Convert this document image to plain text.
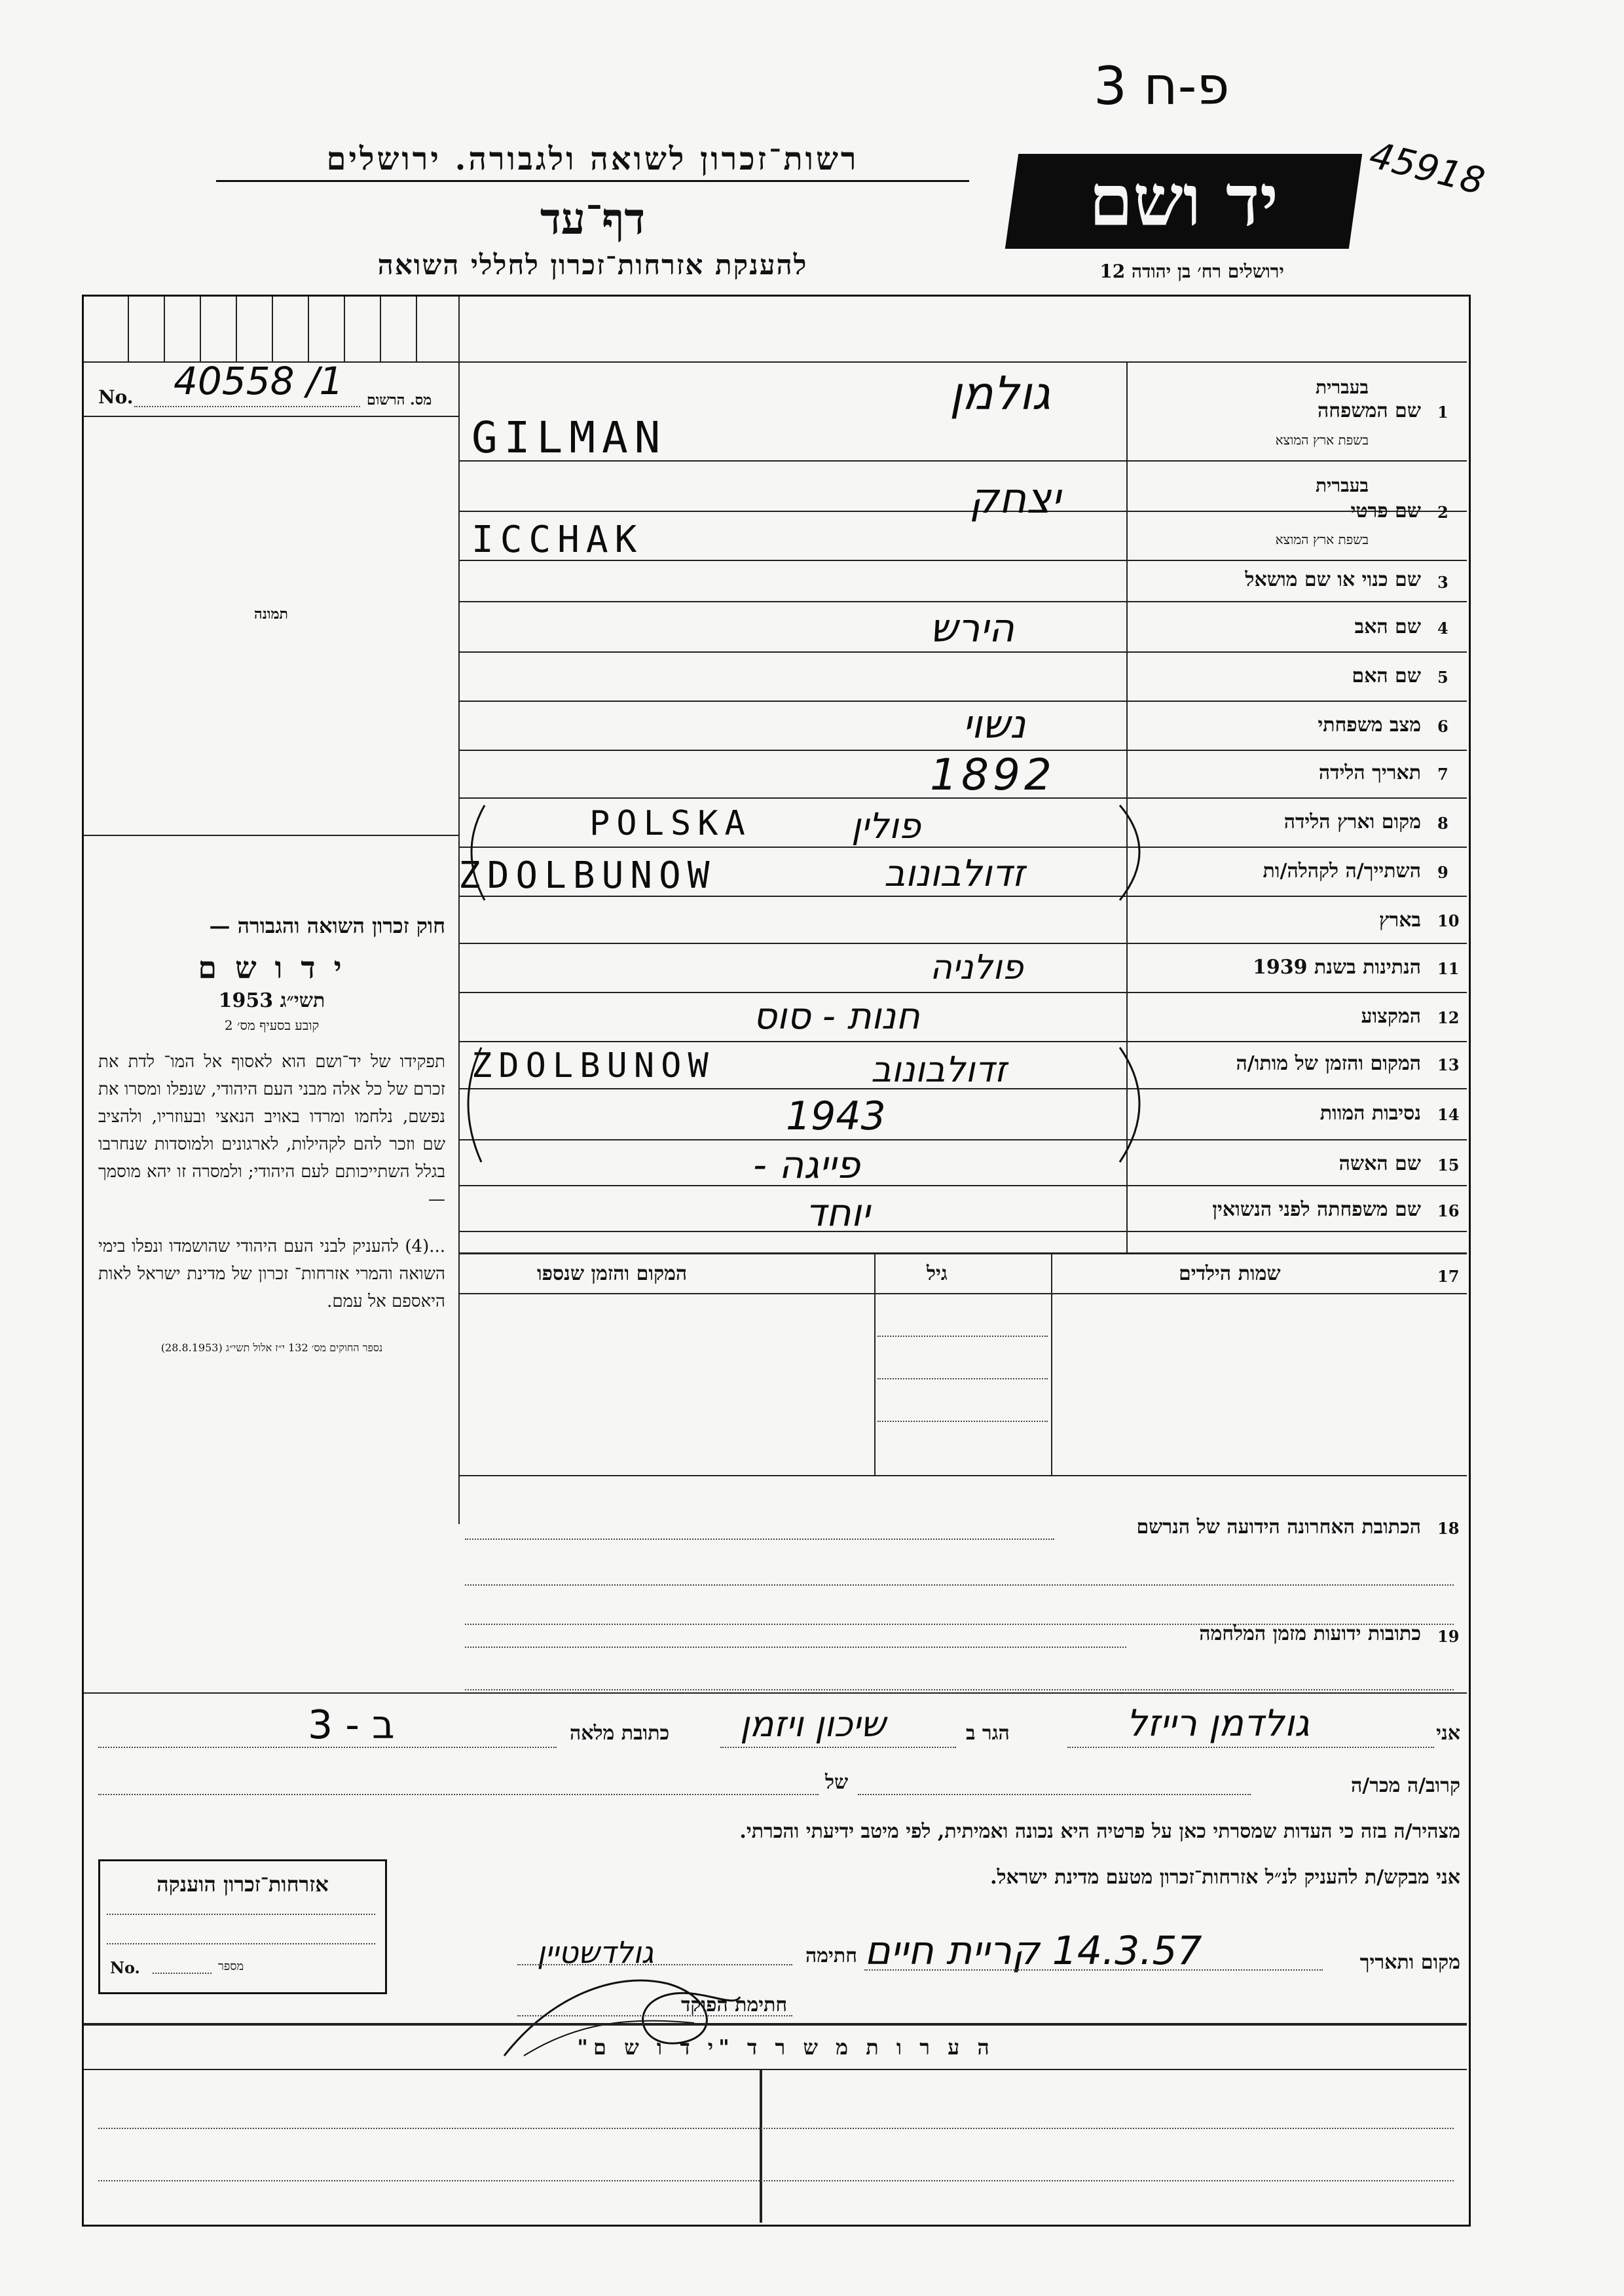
3 פ-ח
45918
רשות־זכרון לשואה ולגבורה. ירושלים
דף־עד
להענקת אזרחות־זכרון לחללי השואה
יד ושם
ירושלים רח׳ בן יהודה 12
No. 40558 /1 מס. הרשום
תמונה
חוק זכרון השואה והגבורה —
י ד ו ש ם
תשי״ג 1953
קובע בסעיף מס׳ 2
תפקידו של יד־ושם הוא לאסוף אל המו־ לדת את זכרם של כל אלה מבני העם היהודי, שנפלו ומסרו את נפשם, נלחמו ומרדו באויב הנאצי ובעוזריו, ולהציב שם וזכר להם לקהילות, לארגונים ולמוסדות שנחרבו בגלל השתייכותם לעם היהודי; ולמסרה זו יהא מוסמך —
...(4) להעניק לבני העם היהודי שהושמדו ונפלו בימי השואה והמרי אזרחות־ זכרון של מדינת ישראל לאות היאספם אל עמם.
נספר החוקים מס׳ 132 י״ז אלול תשי״ג (28.8.1953)
1
שם המשפחה
בעברית
בשפת ארץ המוצא
גולמן
GILMAN
2
שם פרטי
בעברית
בשפת ארץ המוצא
יצחק
ICCHAK
3
שם כנוי או שם מושאל
4
שם האב
הירש
5
שם האם
6
מצב משפחתי
נשוי
7
תאריך הלידה
1892
8
מקום וארץ הלידה
פולין
POLSKA
9
השתייך/ה לקהלה/ות
זדולבונוב
ZDOLBUNOW
10
בארץ
11
הנתינות בשנת 1939
פולניה
12
המקצוע
חנות - סוס
13
המקום והזמן של מותו/ה
זדולבונוב
ZDOLBUNOW
1943	14
נסיבות המוות
15
שם האשה
פייגה -
16
שם משפחתה לפני הנשואין
יוחד
17
שמות הילדים
גיל
המקום והזמן שנספו
18
הכתובת האחרונה הידועה של הנרשם
19
כתובות ידועות מזמן המלחמה
אני
גולדמן רייזל
הגר ב
שיכון ויזמן
כתובת מלאה
ב - 3
קרוב/ה מכר/ה
של
מצהיר/ה בזה כי העדות שמסרתי כאן על פרטיה היא נכונה ואמיתית, לפי מיטב ידיעתי והכרתי.
אני מבקש/ת להעניק לנ״ל אזרחות־זכרון מטעם מדינת ישראל.
מקום ותאריך
14.3.57 קריית חיים
חתימה
גולדשטיין
חתימת הפוקד
אזרחות־זכרון הוענקה
No.	מספר
ה ע ר ו ת מ ש ר ד "י ד ו ש ם"
